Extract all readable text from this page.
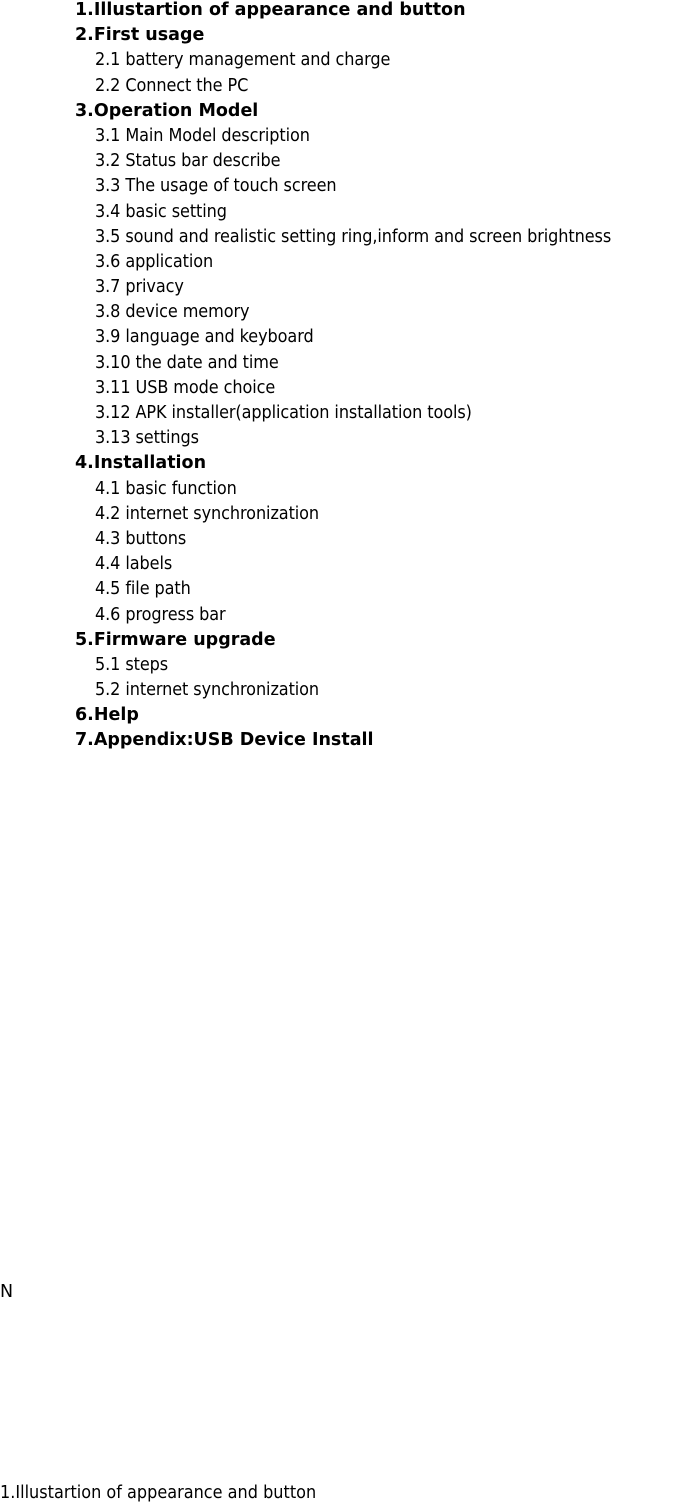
1.Illustartion of appearance and button
2.First usage
2.1 battery management and charge
2.2 Connect the PC
3.Operation Model
3.1 Main Model description
3.2 Status bar describe
3.3 The usage of touch screen
3.4 basic setting
3.5 sound and realistic setting ring,inform and screen brightness
3.6 application
3.7 privacy
3.8 device memory
3.9 language and keyboard
3.10 the date and time
3.11 USB mode choice
3.12 APK installer(application installation tools)
3.13 settings
4.Installation
4.1 basic function
4.2 internet synchronization
4.3 buttons
4.4 labels
4.5 file path
4.6 progress bar
5.Firmware upgrade
5.1 steps
5.2 internet synchronization
6.Help
7.Appendix:USB Device Install
N
1.Illustartion of appearance and button
